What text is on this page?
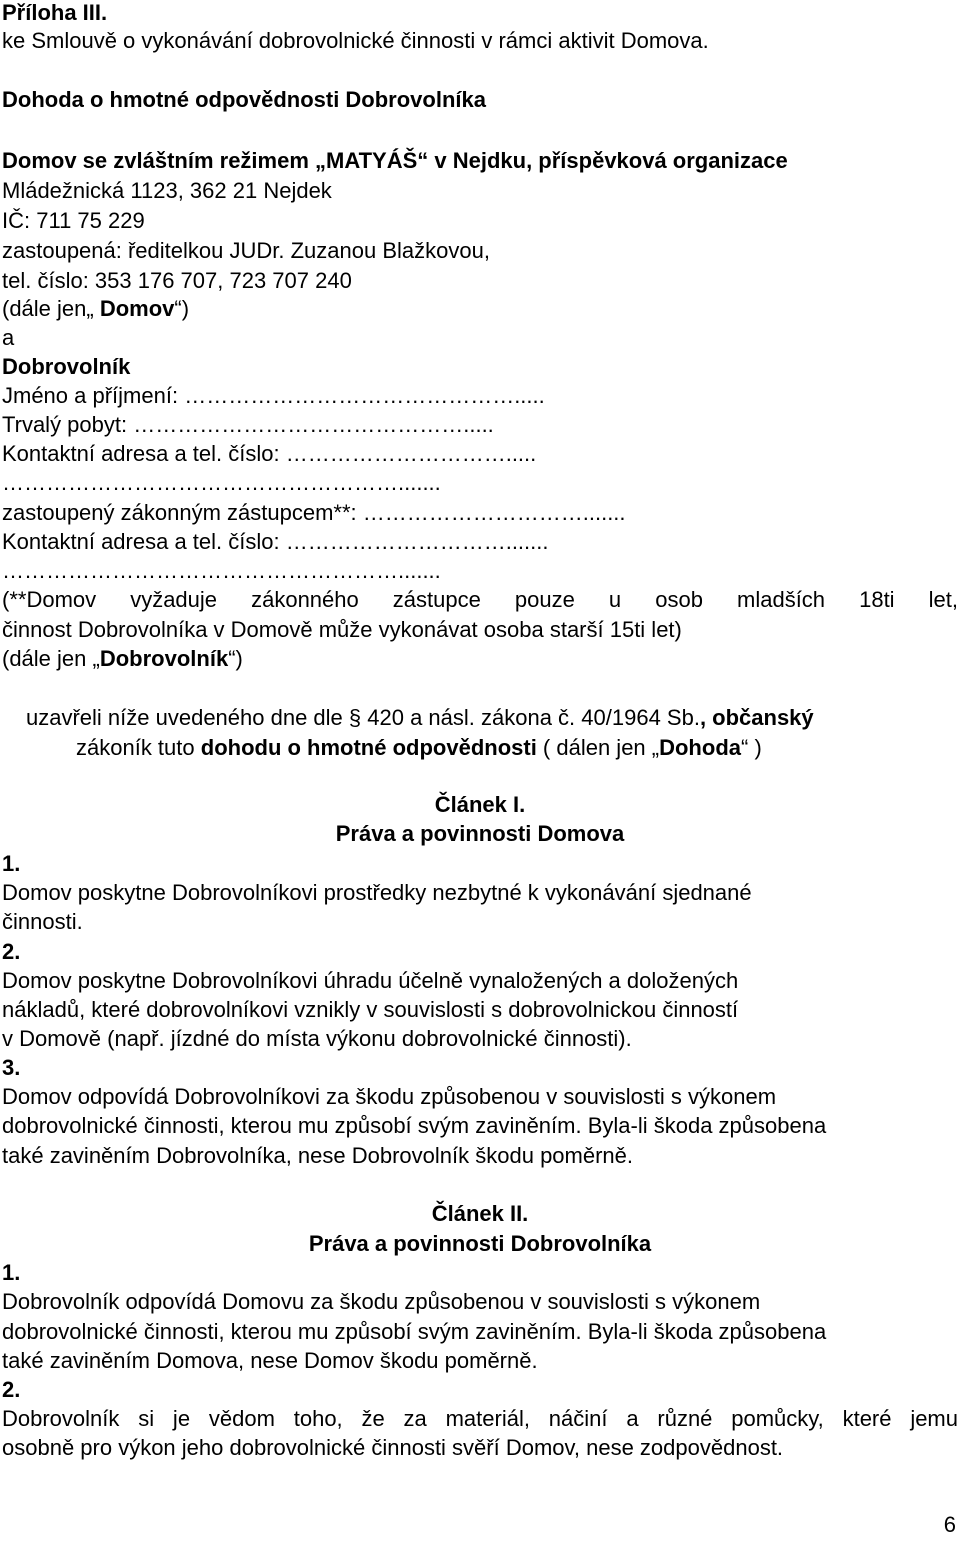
Příloha III.
ke Smlouvě o vykonávání dobrovolnické činnosti v rámci aktivit Domova.
Dohoda o hmotné odpovědnosti Dobrovolníka
Domov se zvláštním režimem „MATYÁŠ“ v Nejdku, příspěvková organizace
Mládežnická 1123, 362 21 Nejdek
IČ: 711 75 229
zastoupená: ředitelkou JUDr. Zuzanou Blažkovou,
tel. číslo: 353 176 707, 723 707 240
(dále jen„ Domov“)
a
Dobrovolník
Jméno a příjmení: ……………………………………….....
Trvalý pobyt: ……………………………………….....
Kontaktní adresa a tel. číslo: ………………………….....
……………………………………………….......
zastoupený zákonným zástupcem**: ………………………….......
Kontaktní adresa a tel. číslo: ………………………….......
……………………………………………….......
(**Domov vyžaduje zákonného zástupce pouze u osob mladších 18ti let,
činnost Dobrovolníka v Domově může vykonávat osoba starší 15ti let)
(dále jen „Dobrovolník“)
uzavřeli níže uvedeného dne dle § 420 a násl. zákona č. 40/1964 Sb., občanský
zákoník tuto dohodu o hmotné odpovědnosti ( dálen jen „Dohoda“ )
Článek I.
Práva a povinnosti Domova
1.
Domov poskytne Dobrovolníkovi prostředky nezbytné k vykonávání sjednané
činnosti.
2.
Domov poskytne Dobrovolníkovi úhradu účelně vynaložených a doložených
nákladů, které dobrovolníkovi vznikly v souvislosti s dobrovolnickou činností
v Domově (např. jízdné do místa výkonu dobrovolnické činnosti).
3.
Domov odpovídá Dobrovolníkovi za škodu způsobenou v souvislosti s výkonem
dobrovolnické činnosti, kterou mu způsobí svým zaviněním. Byla-li škoda způsobena
také zaviněním Dobrovolníka, nese Dobrovolník škodu poměrně.
Článek II.
Práva a povinnosti Dobrovolníka
1.
Dobrovolník odpovídá Domovu za škodu způsobenou v souvislosti s výkonem
dobrovolnické činnosti, kterou mu způsobí svým zaviněním. Byla-li škoda způsobena
také zaviněním Domova, nese Domov škodu poměrně.
2.
Dobrovolník si je vědom toho, že za materiál, náčiní a různé pomůcky, které jemu
osobně pro výkon jeho dobrovolnické činnosti svěří Domov, nese zodpovědnost.
6
